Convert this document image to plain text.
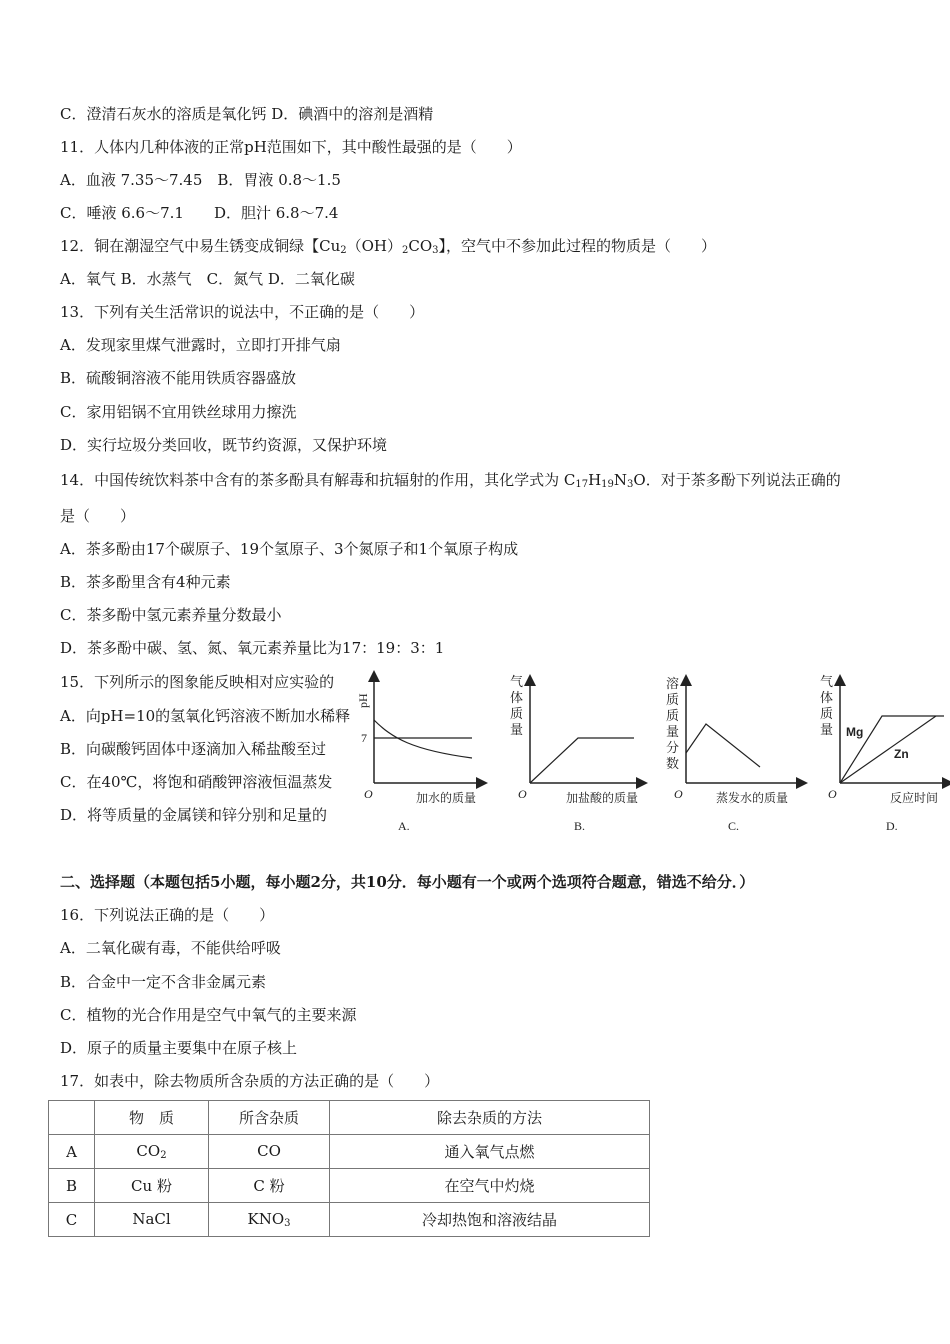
C．澄清石灰水的溶质是氧化钙 D．碘酒中的溶剂是酒精
11．人体内几种体液的正常pH范围如下，其中酸性最强的是（　　）
A．血液 7.35～7.45　B．胃液 0.8～1.5
C．唾液 6.6～7.1　　D．胆汁 6.8～7.4
13．下列有关生活常识的说法中，不正确的是（　　）
A．发现家里煤气泄露时，立即打开排气扇
B．硫酸铜溶液不能用铁质容器盛放
C．家用铝锅不宜用铁丝球用力擦洗
D．实行垃圾分类回收，既节约资源，又保护环境
是（　　）
A．茶多酚由17个碳原子、19个氢原子、3个氮原子和1个氧原子构成
B．茶多酚里含有4种元素
C．茶多酚中氢元素养量分数最小
D．茶多酚中碳、氢、氮、氧元素养量比为17：19：3：1
15．下列所示的图象能反映相对应实验的
A．向pH=10的氢氧化钙溶液不断加水稀释
B．向碳酸钙固体中逐滴加入稀盐酸至过
C．在40℃，将饱和硝酸钾溶液恒温蒸发
D．将等质量的金属镁和锌分别和足量的
二、选择题（本题包括5小题，每小题2分，共10分．每小题有一个或两个选项符合题意，错选不给分．）
16．下列说法正确的是（　　）
A．二氧化碳有毒，不能供给呼吸
B．合金中一定不含非金属元素
C．植物的光合作用是空气中氧气的主要来源
D．原子的质量主要集中在原子核上
17．如表中，除去物质所含杂质的方法正确的是（　　）
12．铜在潮湿空气中易生锈变成铜绿【$Cu_2(OH)_2CO_3$】，空气中不参加此过程的物质是（　　）
A．氧气 B．水蒸气　C．氮气 D．二氧化碳
14．中国传统饮料茶中含有的茶多酚具有解毒和抗辐射的作用，其化学式为 $C_{17}H_{19}N_3O$．对于茶多酚下列说法正确的
pH
7
O	加水的质量
A.
气
体
质
量
O	加盐酸的质量
B.
溶
质
质
量
分
数
O	蒸发水的质量
C.
气
体
质
量 Mg
Zn
O	反应时间
D.
	物　质	所含杂质	除去杂质的方法
A	$CO_2$	CO	通入氧气点燃
B	Cu 粉	C 粉	在空气中灼烧
C	NaCl	$KNO_3$	冷却热饱和溶液结晶
